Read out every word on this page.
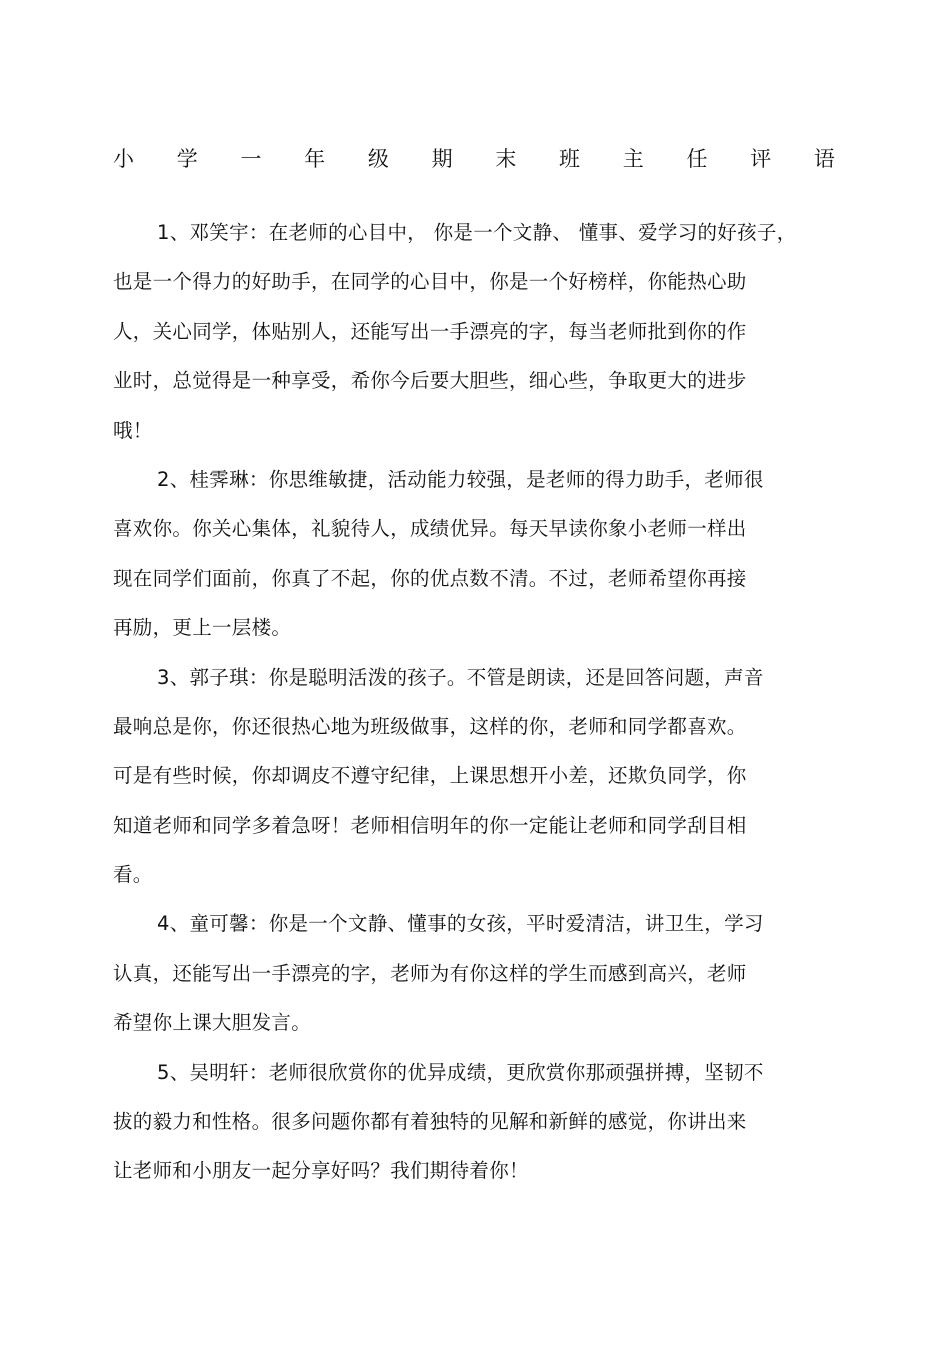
小 学 一 年 级 期 末 班 主 任 评 语
1、邓笑宇：在老师的心目中， 你是一个文静、 懂事、爱学习的好孩子，
也是一个得力的好助手，在同学的心目中，你是一个好榜样，你能热心助
人，关心同学，体贴别人，还能写出一手漂亮的字，每当老师批到你的作
业时，总觉得是一种享受，希你今后要大胆些，细心些，争取更大的进步
哦！
2、桂霁琳：你思维敏捷，活动能力较强，是老师的得力助手，老师很
喜欢你。你关心集体，礼貌待人，成绩优异。每天早读你象小老师一样出
现在同学们面前，你真了不起，你的优点数不清。不过，老师希望你再接
再励，更上一层楼。
3、郭子琪：你是聪明活泼的孩子。不管是朗读，还是回答问题，声音
最响总是你，你还很热心地为班级做事，这样的你，老师和同学都喜欢。
可是有些时候，你却调皮不遵守纪律，上课思想开小差，还欺负同学，你
知道老师和同学多着急呀！老师相信明年的你一定能让老师和同学刮目相
看。
4、童可馨：你是一个文静、懂事的女孩，平时爱清洁，讲卫生，学习
认真，还能写出一手漂亮的字，老师为有你这样的学生而感到高兴，老师
希望你上课大胆发言。
5、吴明轩：老师很欣赏你的优异成绩，更欣赏你那顽强拼搏，坚韧不
拔的毅力和性格。很多问题你都有着独特的见解和新鲜的感觉，你讲出来
让老师和小朋友一起分享好吗？我们期待着你！
